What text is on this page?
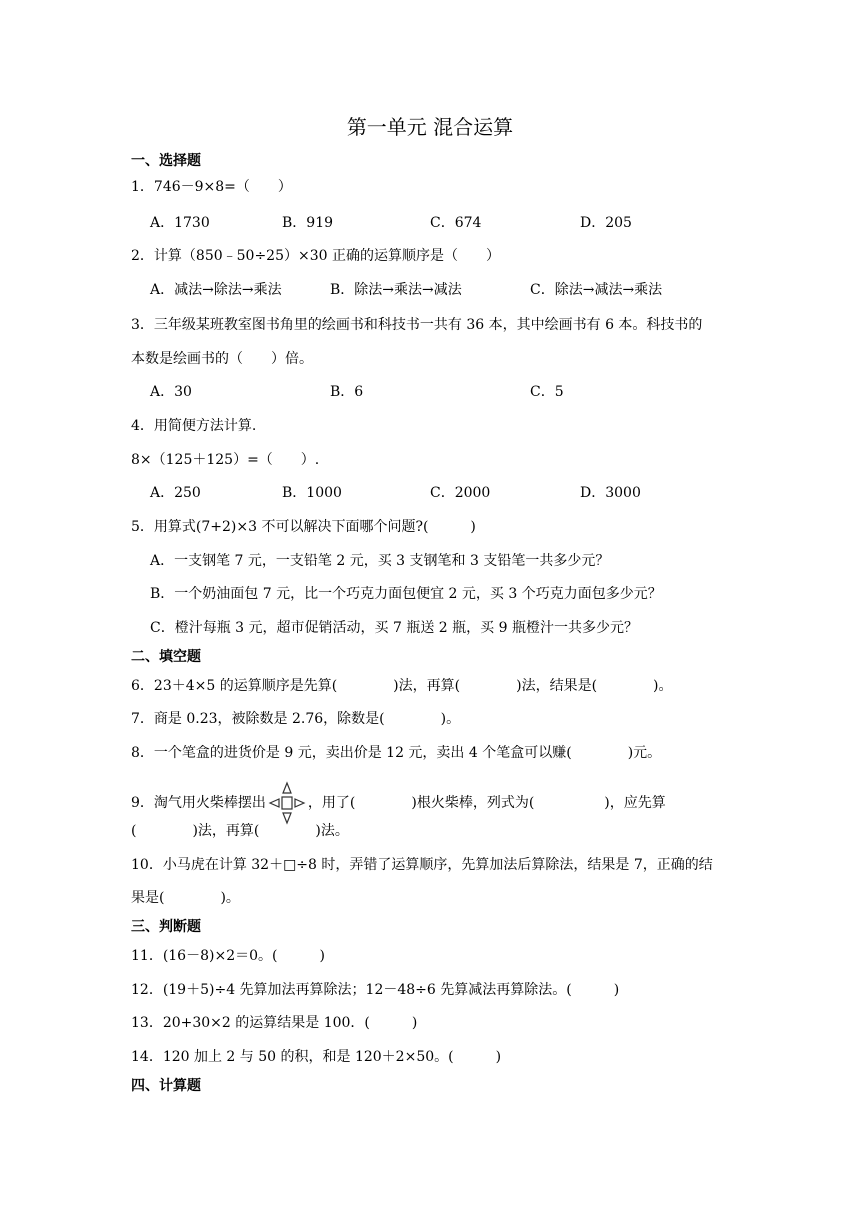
第一单元 混合运算
一、选择题
1．746－9×8=（　　）
A．1730	B．919	C．674	D．205
2．计算（850﹣50÷25）×30 正确的运算顺序是（　　）
A．减法→除法→乘法	B．除法→乘法→减法	C．除法→减法→乘法
3．三年级某班教室图书角里的绘画书和科技书一共有 36 本，其中绘画书有 6 本。科技书的
本数是绘画书的（　　）倍。
A．30	B．6	C．5
4．用简便方法计算.
8×（125＋125）=（　　）.
A．250	B．1000	C．2000	D．3000
5．用算式(7+2)×3 不可以解决下面哪个问题?(　　　)
A．一支钢笔 7 元，一支铅笔 2 元，买 3 支钢笔和 3 支铅笔一共多少元？
B．一个奶油面包 7 元，比一个巧克力面包便宜 2 元，买 3 个巧克力面包多少元？
C．橙汁每瓶 3 元，超市促销活动，买 7 瓶送 2 瓶，买 9 瓶橙汁一共多少元？
二、填空题
6．23＋4×5 的运算顺序是先算(　　　　)法，再算(　　　　)法，结果是(　　　　)。
7．商是 0.23，被除数是 2.76，除数是(　　　　)。
8．一个笔盒的进货价是 9 元，卖出价是 12 元，卖出 4 个笔盒可以赚(　　　　)元。
9．淘气用火柴棒摆出	，用了(　　　　)根火柴棒，列式为(　　　　　)，应先算
(　　　　)法，再算(　　　　)法。
10．小马虎在计算 32＋□÷8 时，弄错了运算顺序，先算加法后算除法，结果是 7，正确的结
果是(　　　　)。
三、判断题
11．(16－8)×2＝0。(　　　)
12．(19＋5)÷4 先算加法再算除法；12－48÷6 先算减法再算除法。(　　　)
13．20+30×2 的运算结果是 100．(　　　)
14．120 加上 2 与 50 的积，和是 120＋2×50。(　　　)
四、计算题
